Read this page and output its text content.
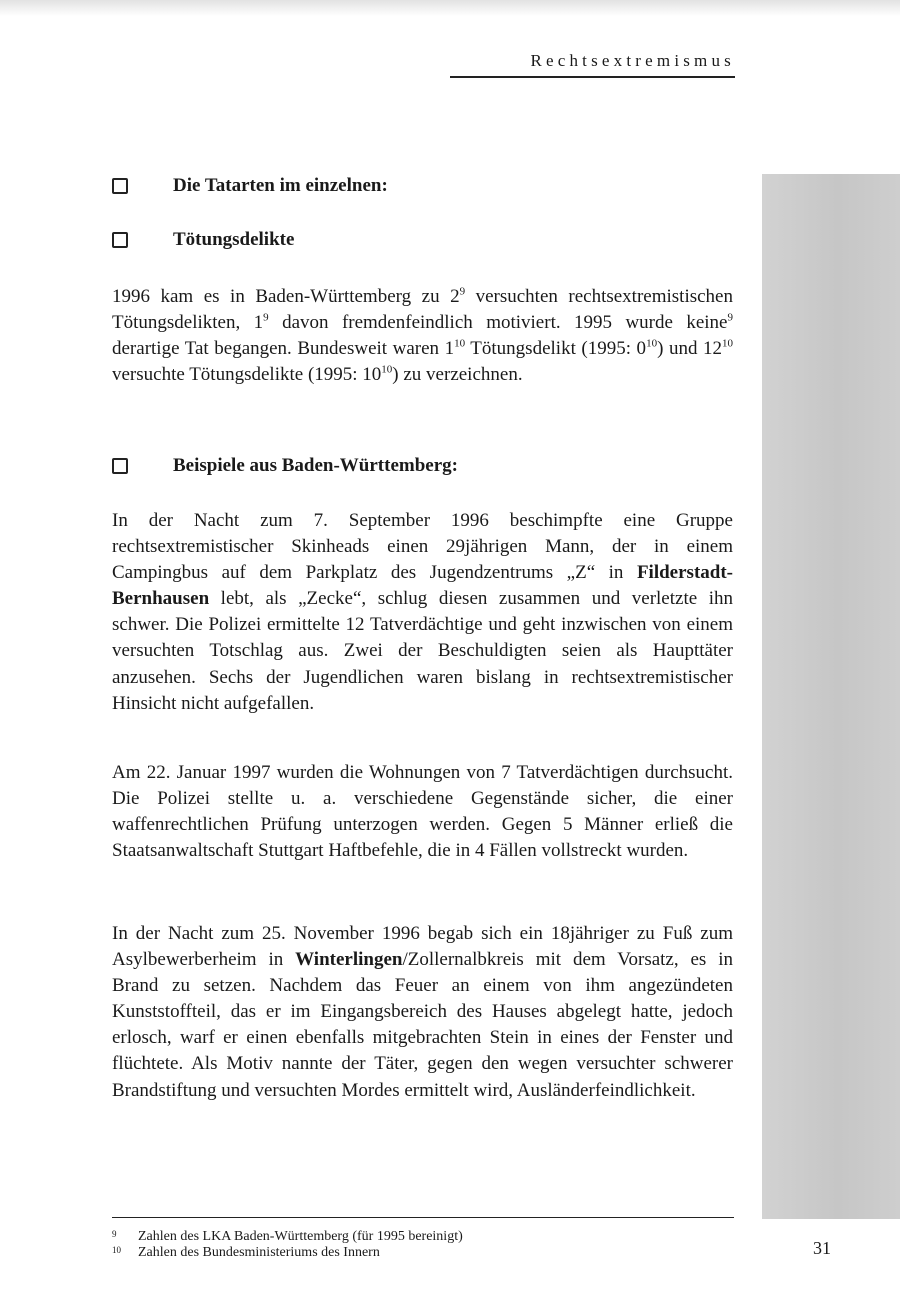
Rechtsextremismus
Die Tatarten im einzelnen:
Tötungsdelikte

1996 kam es in Baden-Württemberg zu $2^9$ versuchten rechtsextremistischen Tötungsdelikten, $1^9$ davon fremdenfeindlich motiviert. 1995 wurde keine$^9$ derartige Tat begangen. Bundesweit waren $1^{10}$ Tötungsdelikt (1995: $0^{10}$) und $12^{10}$ versuchte Tötungsdelikte (1995: $10^{10}$) zu verzeichnen.

Beispiele aus Baden-Württemberg:

In der Nacht zum 7. September 1996 beschimpfte eine Gruppe rechtsextremistischer Skinheads einen 29jährigen Mann, der in einem Campingbus auf dem Parkplatz des Jugendzentrums „Z“ in Filderstadt-Bernhausen lebt, als „Zecke“, schlug diesen zusammen und verletzte ihn schwer. Die Polizei ermittelte 12 Tatverdächtige und geht inzwischen von einem versuchten Totschlag aus. Zwei der Beschuldigten seien als Haupttäter anzusehen. Sechs der Jugendlichen waren bislang in rechtsextremistischer Hinsicht nicht aufgefallen.

Am 22. Januar 1997 wurden die Wohnungen von 7 Tatverdächtigen durchsucht. Die Polizei stellte u. a. verschiedene Gegenstände sicher, die einer waffenrechtlichen Prüfung unterzogen werden. Gegen 5 Männer erließ die Staatsanwaltschaft Stuttgart Haftbefehle, die in 4 Fällen vollstreckt wurden.

In der Nacht zum 25. November 1996 begab sich ein 18jähriger zu Fuß zum Asylbewerberheim in Winterlingen/Zollernalbkreis mit dem Vorsatz, es in Brand zu setzen. Nachdem das Feuer an einem von ihm angezündeten Kunststoffteil, das er im Eingangsbereich des Hauses abgelegt hatte, jedoch erlosch, warf er einen ebenfalls mitgebrachten Stein in eines der Fenster und flüchtete. Als Motiv nannte der Täter, gegen den wegen versuchter schwerer Brandstiftung und versuchten Mordes ermittelt wird, Ausländerfeindlichkeit.

9	Zahlen des LKA Baden-Württemberg (für 1995 bereinigt)
10	Zahlen des Bundesministeriums des Innern	31
